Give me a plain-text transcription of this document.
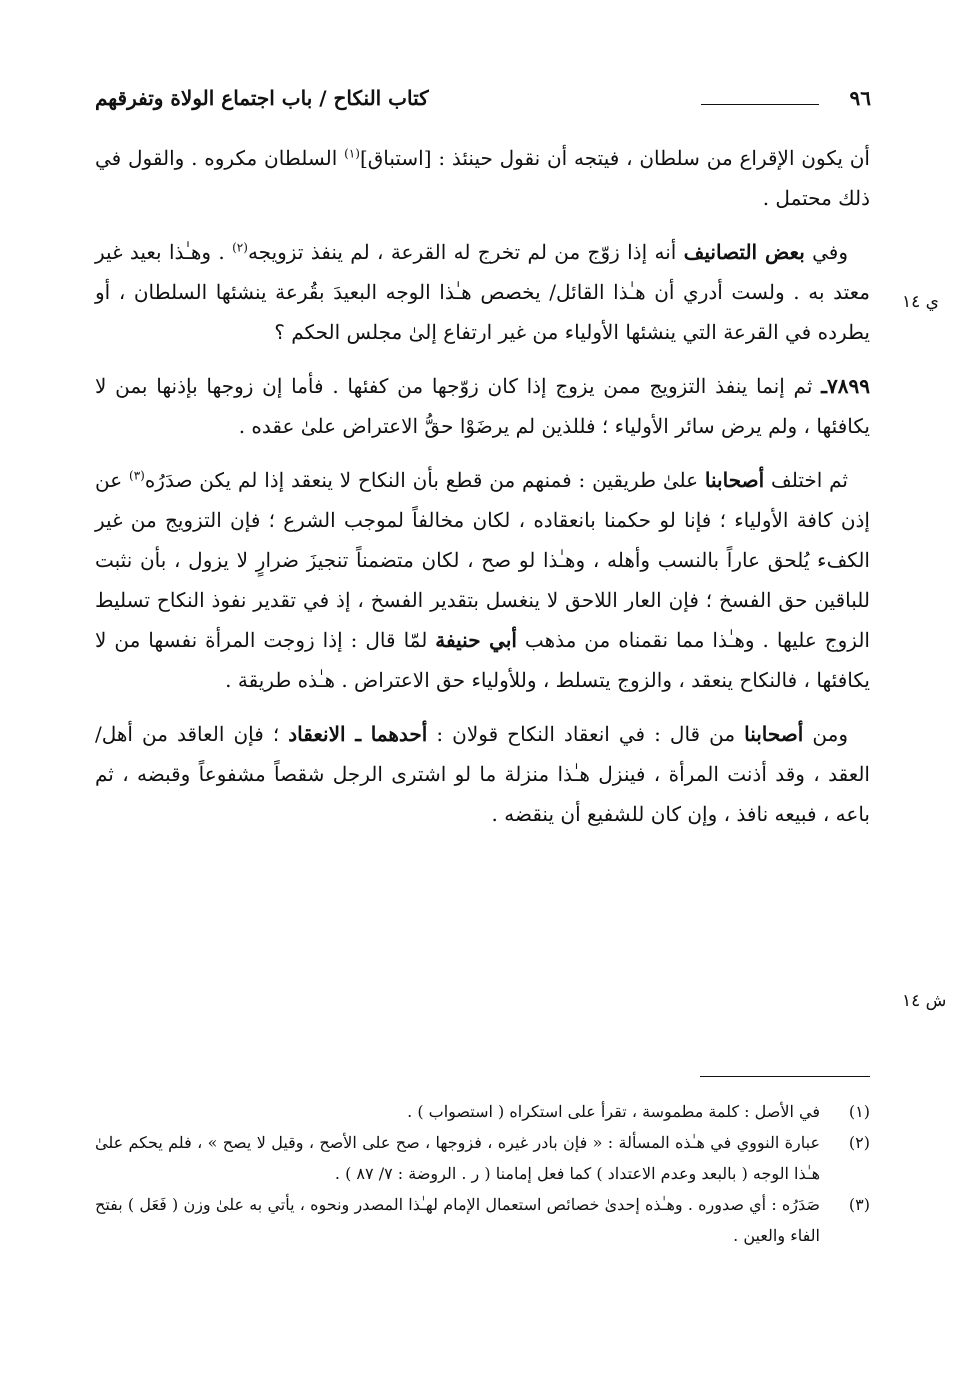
٩٦
كتاب النكاح / باب اجتماع الولاة وتفرقهم
ي ١٤
ش ١٤

أن يكون الإقراع من سلطان ، فيتجه أن نقول حينئذ : [استباق]$^{(١)}$ السلطان مكروه . والقول في ذلك محتمل .

وفي بعض التصانيف أنه إذا زوّج من لم تخرج له القرعة ، لم ينفذ تزويجه$^{(٢)}$ . وهـٰذا بعيد غير معتد به . ولست أدري أن هـٰذا القائل/ يخصص هـٰذا الوجه البعيدَ بقُرعة ينشئها السلطان ، أو يطرده في القرعة التي ينشئها الأولياء من غير ارتفاع إلىٰ مجلس الحكم ؟

٧٨٩٩ـ ثم إنما ينفذ التزويج ممن يزوج إذا كان زوّجها من كفئها . فأما إن زوجها بإذنها بمن لا يكافئها ، ولم يرض سائر الأولياء ؛ فللذين لم يرضَوْا حقُّ الاعتراض علىٰ عقده .

ثم اختلف أصحابنا علىٰ طريقين : فمنهم من قطع بأن النكاح لا ينعقد إذا لم يكن صدَرُه$^{(٣)}$ عن إذن كافة الأولياء ؛ فإنا لو حكمنا بانعقاده ، لكان مخالفاً لموجب الشرع ؛ فإن التزويج من غير الكفء يُلحق عاراً بالنسب وأهله ، وهـٰذا لو صح ، لكان متضمناً تنجيزَ ضرارٍ لا يزول ، بأن نثبت للباقين حق الفسخ ؛ فإن العار اللاحق لا ينغسل بتقدير الفسخ ، إذ في تقدير نفوذ النكاح تسليط الزوج عليها . وهـٰذا مما نقمناه من مذهب أبي حنيفة لمّا قال : إذا زوجت المرأة نفسها من لا يكافئها ، فالنكاح ينعقد ، والزوج يتسلط ، وللأولياء حق الاعتراض . هـٰذه طريقة .

ومن أصحابنا من قال : في انعقاد النكاح قولان : أحدهما ـ الانعقاد ؛ فإن العاقد من أهل/ العقد ، وقد أذنت المرأة ، فينزل هـٰذا منزلة ما لو اشترى الرجل شقصاً مشفوعاً وقبضه ، ثم باعه ، فبيعه نافذ ، وإن كان للشفيع أن ينقضه .

(١)
في الأصل : كلمة مطموسة ، تقرأ على استكراه ( استصواب ) .
(٢)
عبارة النووي في هـٰذه المسألة : « فإن بادر غيره ، فزوجها ، صح على الأصح ، وقيل لا يصح » ، فلم يحكم علىٰ هـٰذا الوجه ( بالبعد وعدم الاعتداد ) كما فعل إمامنا ( ر . الروضة : ٧/ ٨٧ ) .
(٣)
صَدَرُه : أي صدوره . وهـٰذه إحدىٰ خصائص استعمال الإمام لهـٰذا المصدر ونحوه ، يأتي به علىٰ وزن ( فَعَل ) بفتح الفاء والعين .
